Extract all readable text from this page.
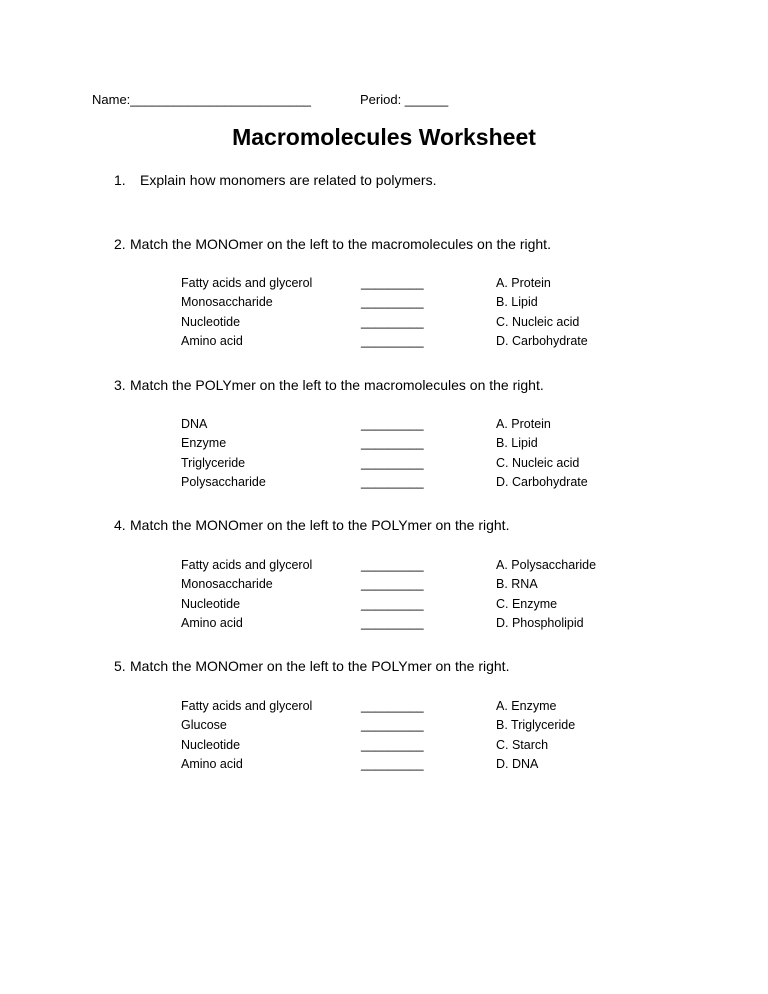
Name:_________________________	Period: ______
Macromolecules Worksheet
1. Explain how monomers are related to polymers.
2. Match the MONOmer on the left to the macromolecules on the right.
Fatty acids and glycerol
Monosaccharide
Nucleotide
Amino acid
_________
_________
_________
_________
A. Protein
B. Lipid
C. Nucleic acid
D. Carbohydrate
3. Match the POLYmer on the left to the macromolecules on the right.
DNA
Enzyme
Triglyceride
Polysaccharide
_________
_________
_________
_________
A. Protein
B. Lipid
C. Nucleic acid
D. Carbohydrate
4. Match the MONOmer on the left to the POLYmer on the right.
Fatty acids and glycerol
Monosaccharide
Nucleotide
Amino acid
_________
_________
_________
_________
A. Polysaccharide
B. RNA
C. Enzyme
D. Phospholipid
5. Match the MONOmer on the left to the POLYmer on the right.
Fatty acids and glycerol
Glucose
Nucleotide
Amino acid
_________
_________
_________
_________
A. Enzyme
B. Triglyceride
C. Starch
D. DNA
